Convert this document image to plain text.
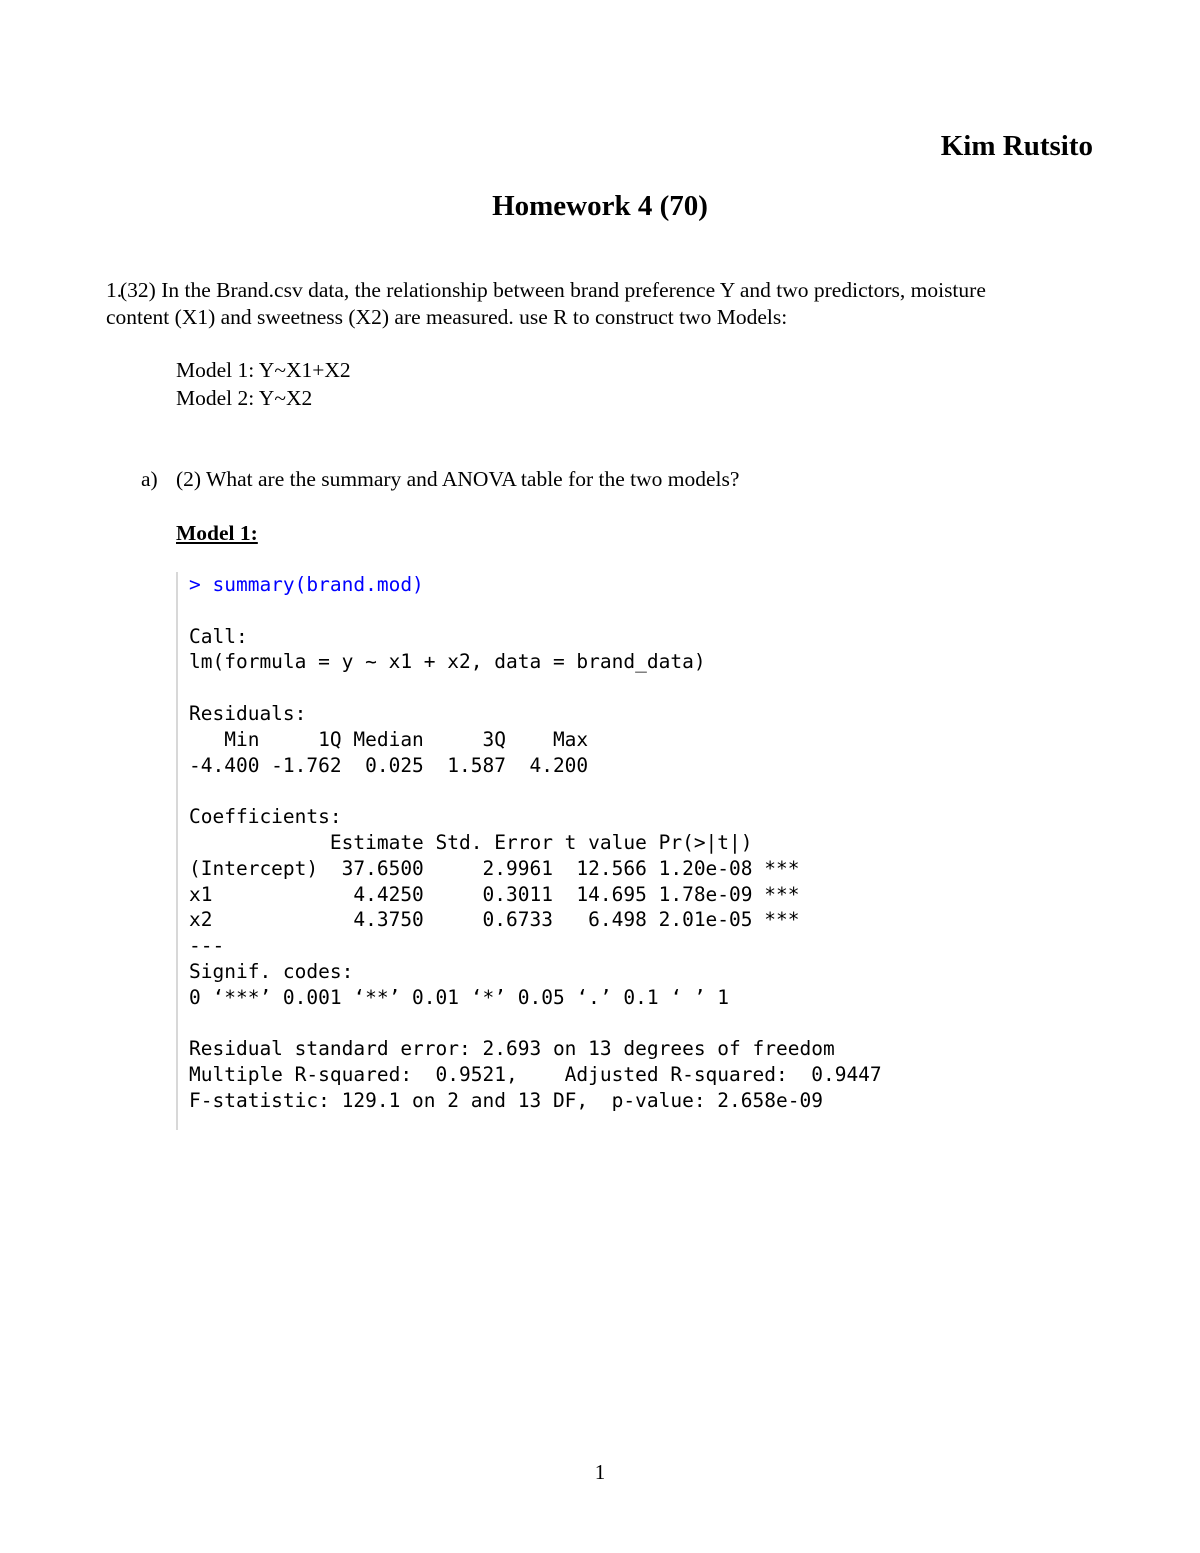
Kim Rutsito
Homework 4 (70)
1.(32) In the Brand.csv data, the relationship between brand preference Y and two predictors, moisture
content (X1) and sweetness (X2) are measured. use R to construct two Models:
Model 1: Y~X1+X2
Model 2: Y~X2
a) (2) What are the summary and ANOVA table for the two models?
Model 1:
> summary(brand.mod)

Call:
lm(formula = y ~ x1 + x2, data = brand_data)

Residuals:
Min     1Q Median     3Q    Max
-4.400 -1.762  0.025  1.587  4.200

Coefficients:
Estimate Std. Error t value Pr(>|t|)
(Intercept)  37.6500     2.9961  12.566 1.20e-08 ***
x1            4.4250     0.3011  14.695 1.78e-09 ***
x2            4.3750     0.6733   6.498 2.01e-05 ***
---
Signif. codes:
0 ‘***’ 0.001 ‘**’ 0.01 ‘*’ 0.05 ‘.’ 0.1 ‘ ’ 1

Residual standard error: 2.693 on 13 degrees of freedom
Multiple R-squared:  0.9521,    Adjusted R-squared:  0.9447
F-statistic: 129.1 on 2 and 13 DF,  p-value: 2.658e-09
1
